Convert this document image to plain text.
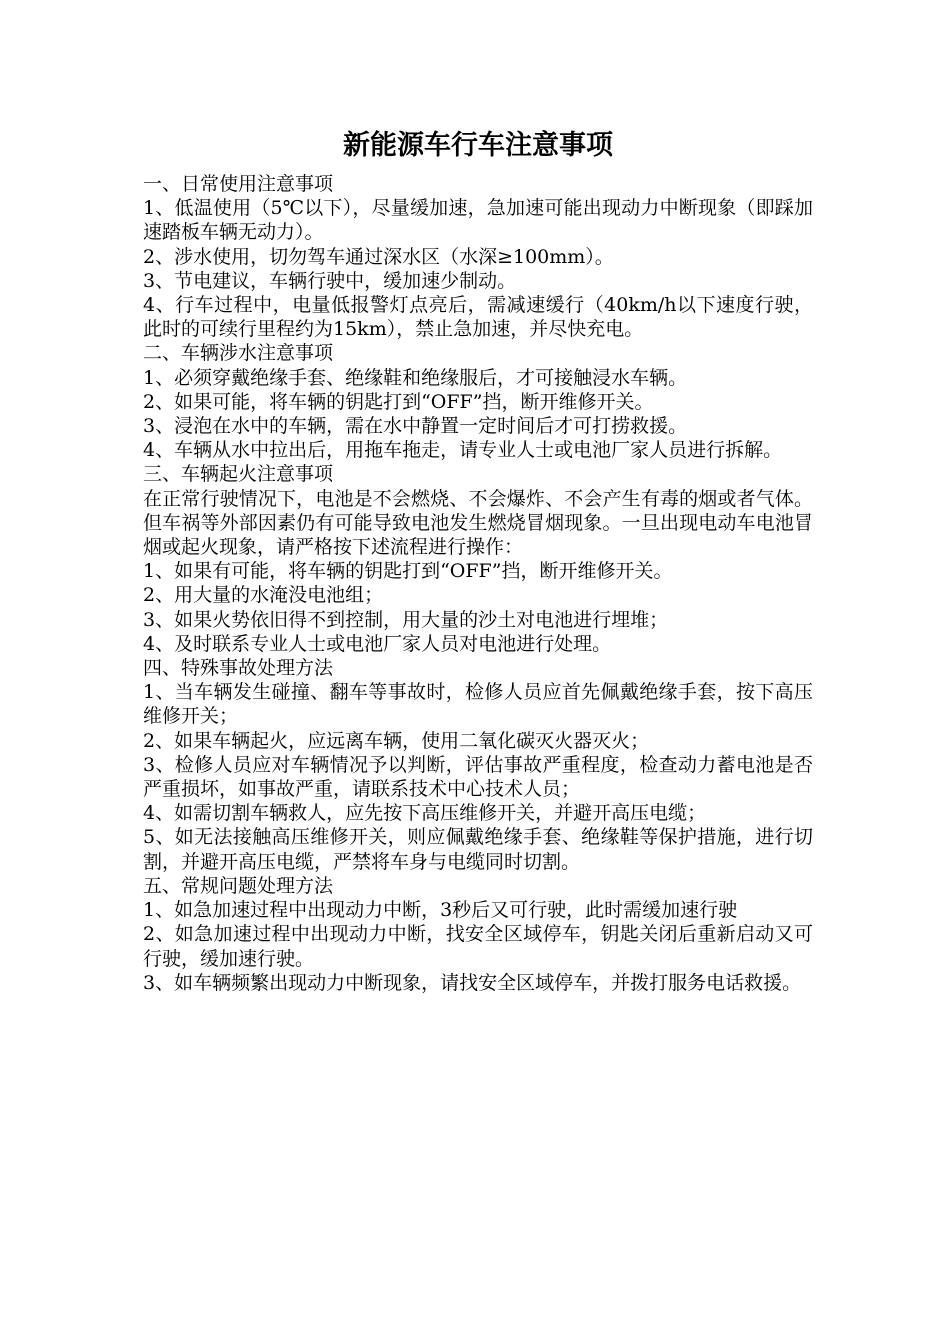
新能源车行车注意事项

一、日常使用注意事项

1、低温使用（5℃以下），尽量缓加速，急加速可能出现动力中断现象（即踩加速踏板车辆无动力）。

2、涉水使用，切勿驾车通过深水区（水深≥100mm）。

3、节电建议，车辆行驶中，缓加速少制动。

4、行车过程中，电量低报警灯点亮后，需减速缓行（40km/h以下速度行驶，此时的可续行里程约为15km），禁止急加速，并尽快充电。

二、车辆涉水注意事项

1、必须穿戴绝缘手套、绝缘鞋和绝缘服后，才可接触浸水车辆。

2、如果可能，将车辆的钥匙打到“OFF”挡，断开维修开关。

3、浸泡在水中的车辆，需在水中静置一定时间后才可打捞救援。

4、车辆从水中拉出后，用拖车拖走，请专业人士或电池厂家人员进行拆解。

三、车辆起火注意事项

在正常行驶情况下，电池是不会燃烧、不会爆炸、不会产生有毒的烟或者气体。但车祸等外部因素仍有可能导致电池发生燃烧冒烟现象。一旦出现电动车电池冒烟或起火现象，请严格按下述流程进行操作：

1、如果有可能，将车辆的钥匙打到“OFF”挡，断开维修开关。

2、用大量的水淹没电池组；

3、如果火势依旧得不到控制，用大量的沙土对电池进行埋堆；

4、及时联系专业人士或电池厂家人员对电池进行处理。

四、特殊事故处理方法

1、当车辆发生碰撞、翻车等事故时，检修人员应首先佩戴绝缘手套，按下高压维修开关；

2、如果车辆起火，应远离车辆，使用二氧化碳灭火器灭火；

3、检修人员应对车辆情况予以判断，评估事故严重程度，检查动力蓄电池是否严重损坏，如事故严重，请联系技术中心技术人员；

4、如需切割车辆救人，应先按下高压维修开关，并避开高压电缆；

5、如无法接触高压维修开关，则应佩戴绝缘手套、绝缘鞋等保护措施，进行切割，并避开高压电缆，严禁将车身与电缆同时切割。

五、常规问题处理方法

1、如急加速过程中出现动力中断，3秒后又可行驶，此时需缓加速行驶

2、如急加速过程中出现动力中断，找安全区域停车，钥匙关闭后重新启动又可行驶，缓加速行驶。

3、如车辆频繁出现动力中断现象，请找安全区域停车，并拨打服务电话救援。
